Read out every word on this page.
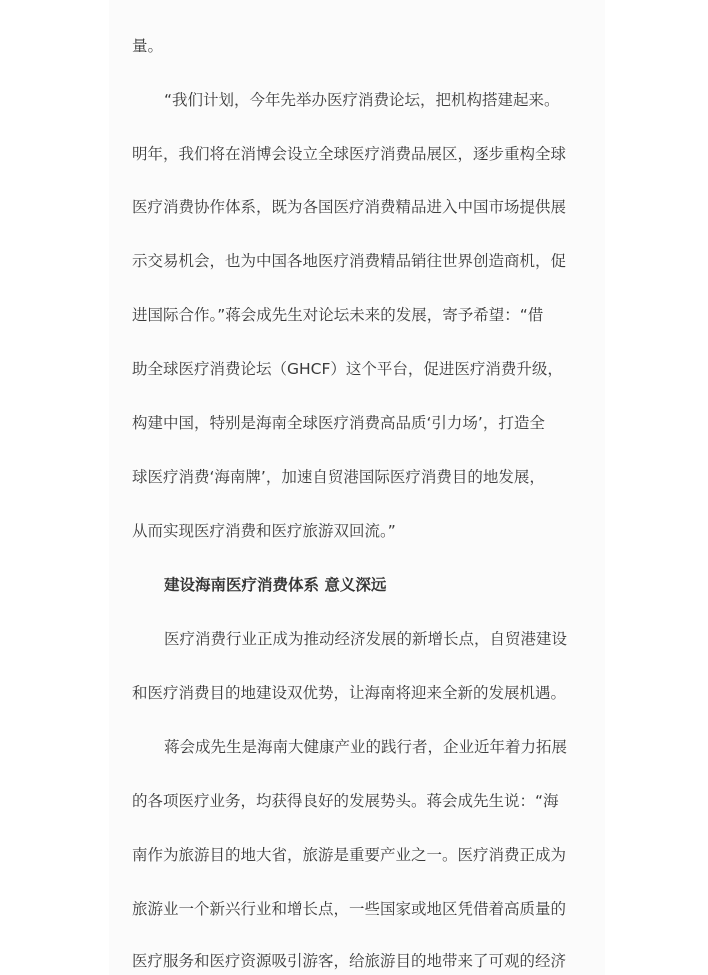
量。
“我们计划，今年先举办医疗消费论坛，把机构搭建起来。
明年，我们将在消博会设立全球医疗消费品展区，逐步重构全球
医疗消费协作体系，既为各国医疗消费精品进入中国市场提供展
示交易机会，也为中国各地医疗消费精品销往世界创造商机，促
进国际合作。”蒋会成先生对论坛未来的发展，寄予希望：“借
助全球医疗消费论坛（GHCF）这个平台，促进医疗消费升级，
构建中国，特别是海南全球医疗消费高品质‘引力场’，打造全
球医疗消费‘海南牌’，加速自贸港国际医疗消费目的地发展，
从而实现医疗消费和医疗旅游双回流。”
建设海南医疗消费体系 意义深远
医疗消费行业正成为推动经济发展的新增长点，自贸港建设
和医疗消费目的地建设双优势，让海南将迎来全新的发展机遇。
蒋会成先生是海南大健康产业的践行者，企业近年着力拓展
的各项医疗业务，均获得良好的发展势头。蒋会成先生说：“海
南作为旅游目的地大省，旅游是重要产业之一。医疗消费正成为
旅游业一个新兴行业和增长点，一些国家或地区凭借着高质量的
医疗服务和医疗资源吸引游客，给旅游目的地带来了可观的经济
